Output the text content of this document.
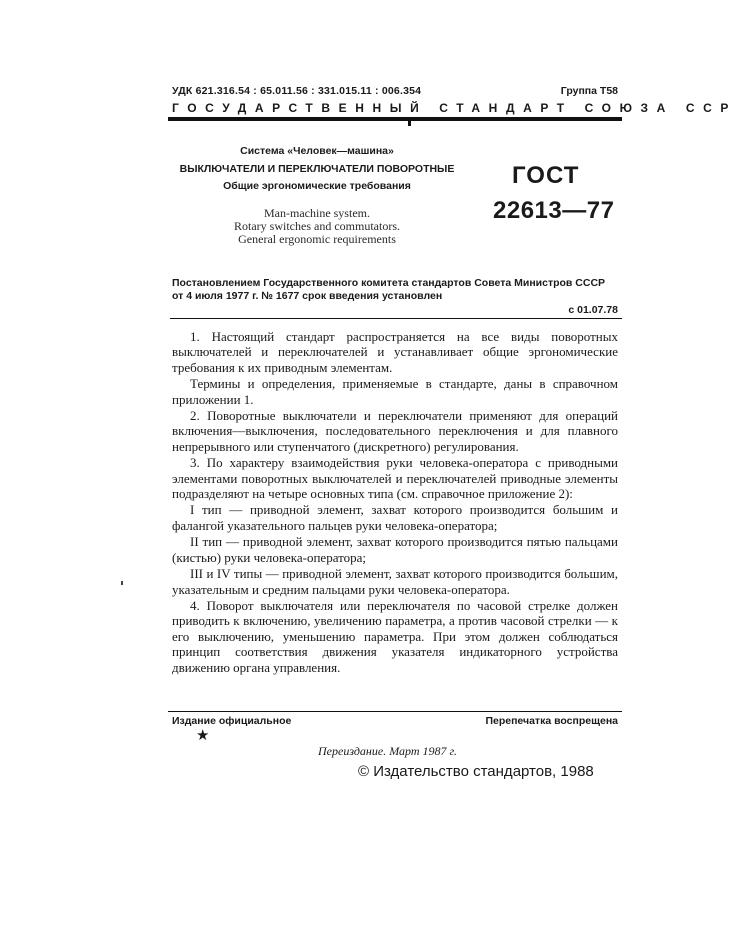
УДК 621.316.54 : 65.011.56 : 331.015.11 : 006.354	Группа Т58
ГОСУДАРСТВЕННЫЙ СТАНДАРТ СОЮЗА ССР
Система «Человек—машина»
ВЫКЛЮЧАТЕЛИ И ПЕРЕКЛЮЧАТЕЛИ ПОВОРОТНЫЕ
Общие эргономические требования
Man-machine system.
Rotary switches and commutators.
General ergonomic requirements
ГОСТ
22613—77
Постановлением Государственного комитета стандартов Совета Министров СССР от 4 июля 1977 г. № 1677 срок введения установлен
с 01.07.78

1. Настоящий стандарт распространяется на все виды поворотных выключателей и переключателей и устанавливает общие эргономические требования к их приводным элементам.

Термины и определения, применяемые в стандарте, даны в справочном приложении 1.

2. Поворотные выключатели и переключатели применяют для операций включения—выключения, последовательного переключения и для плавного непрерывного или ступенчатого (дискретного) регулирования.

3. По характеру взаимодействия руки человека-оператора с приводными элементами поворотных выключателей и переключателей приводные элементы подразделяют на четыре основных типа (см. справочное приложение 2):

I тип — приводной элемент, захват которого производится большим и фалангой указательного пальцев руки человека-оператора;

II тип — приводной элемент, захват которого производится пятью пальцами (кистью) руки человека-оператора;

III и IV типы — приводной элемент, захват которого производится большим, указательным и средним пальцами руки человека-оператора.

4. Поворот выключателя или переключателя по часовой стрелке должен приводить к включению, увеличению параметра, а против часовой стрелки — к его выключению, уменьшению параметра. При этом должен соблюдаться принцип соответствия движения указателя индикаторного устройства движению органа управления.

Издание официальное	Перепечатка воспрещена
★
Переиздание. Март 1987 г.
© Издательство стандартов, 1988
